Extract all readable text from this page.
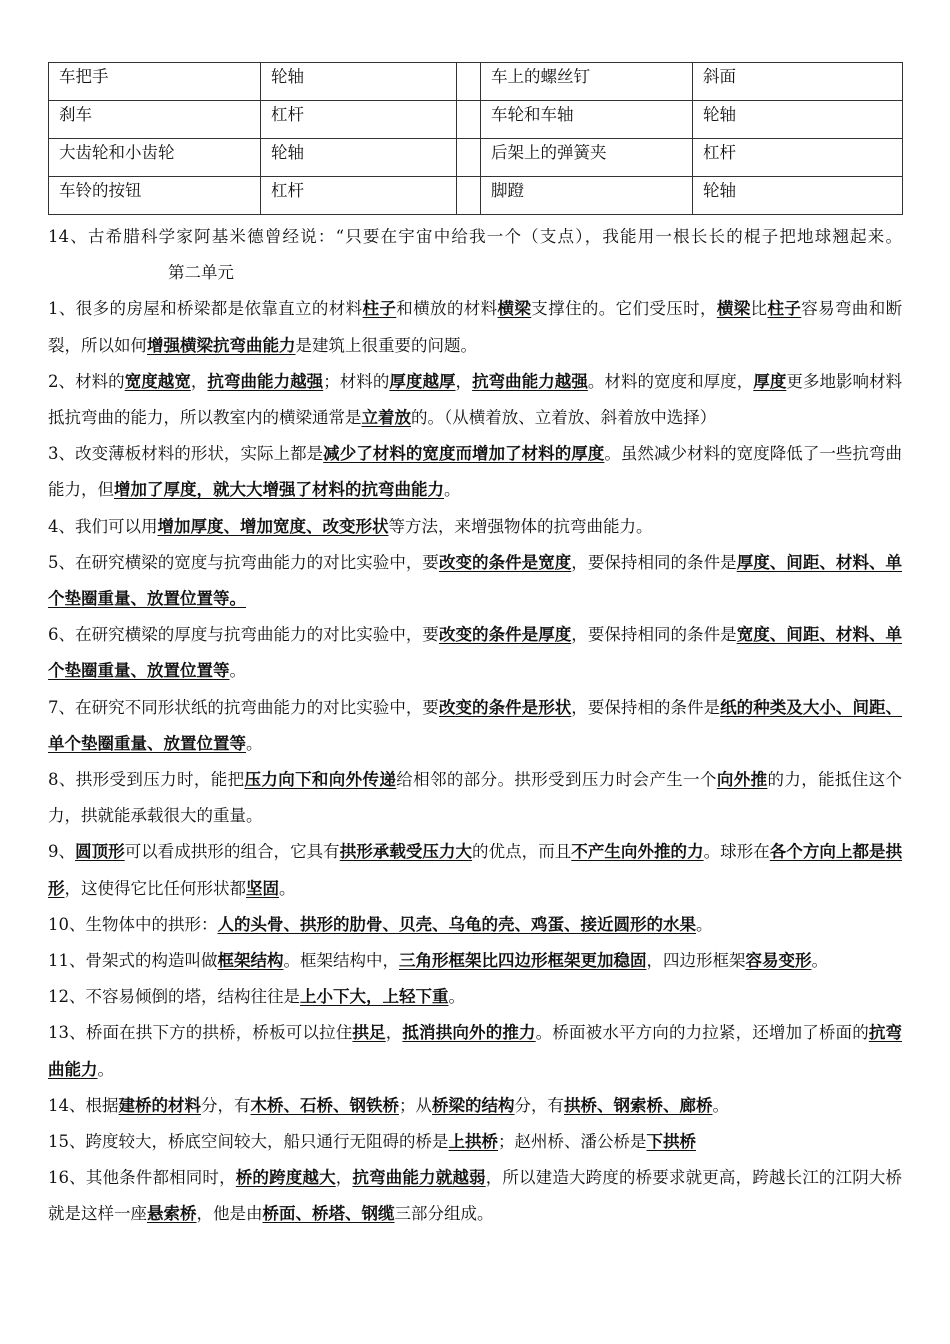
车把手	轮轴		车上的螺丝钉	斜面
刹车	杠杆		车轮和车轴	轮轴
大齿轮和小齿轮	轮轴		后架上的弹簧夹	杠杆
车铃的按钮	杠杆		脚蹬	轮轴

14、古希腊科学家阿基米德曾经说：“只要在宇宙中给我一个（支点），我能用一根长长的棍子把地球翘起来。第二单元

1、很多的房屋和桥梁都是依靠直立的材料柱子和横放的材料横梁支撑住的。它们受压时，横梁比柱子容易弯曲和断裂，所以如何增强横梁抗弯曲能力是建筑上很重要的问题。

2、材料的宽度越宽，抗弯曲能力越强；材料的厚度越厚，抗弯曲能力越强。材料的宽度和厚度，厚度更多地影响材料抵抗弯曲的能力，所以教室内的横梁通常是立着放的。（从横着放、立着放、斜着放中选择）

3、改变薄板材料的形状，实际上都是减少了材料的宽度而增加了材料的厚度。虽然减少材料的宽度降低了一些抗弯曲能力，但增加了厚度，就大大增强了材料的抗弯曲能力。

4、我们可以用增加厚度、增加宽度、改变形状等方法，来增强物体的抗弯曲能力。

5、在研究横梁的宽度与抗弯曲能力的对比实验中，要改变的条件是宽度，要保持相同的条件是厚度、间距、材料、单个垫圈重量、放置位置等。

6、在研究横梁的厚度与抗弯曲能力的对比实验中，要改变的条件是厚度，要保持相同的条件是宽度、间距、材料、单个垫圈重量、放置位置等。

7、在研究不同形状纸的抗弯曲能力的对比实验中，要改变的条件是形状，要保持相的条件是纸的种类及大小、间距、单个垫圈重量、放置位置等。

8、拱形受到压力时，能把压力向下和向外传递给相邻的部分。拱形受到压力时会产生一个向外推的力，能抵住这个力，拱就能承载很大的重量。

9、圆顶形可以看成拱形的组合，它具有拱形承载受压力大的优点，而且不产生向外推的力。球形在各个方向上都是拱形，这使得它比任何形状都坚固。

10、生物体中的拱形：人的头骨、拱形的肋骨、贝壳、乌龟的壳、鸡蛋、接近圆形的水果。

11、骨架式的构造叫做框架结构。框架结构中，三角形框架比四边形框架更加稳固，四边形框架容易变形。

12、不容易倾倒的塔，结构往往是上小下大，上轻下重。

13、桥面在拱下方的拱桥，桥板可以拉住拱足，抵消拱向外的推力。桥面被水平方向的力拉紧，还增加了桥面的抗弯曲能力。

14、根据建桥的材料分，有木桥、石桥、钢铁桥；从桥梁的结构分，有拱桥、钢索桥、廊桥。

15、跨度较大，桥底空间较大，船只通行无阻碍的桥是上拱桥；赵州桥、潘公桥是下拱桥

16、其他条件都相同时，桥的跨度越大，抗弯曲能力就越弱，所以建造大跨度的桥要求就更高，跨越长江的江阴大桥就是这样一座悬索桥，他是由桥面、桥塔、钢缆三部分组成。
